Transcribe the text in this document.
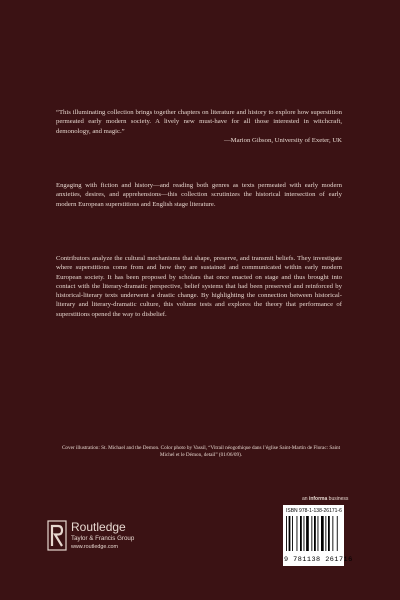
“This illuminating collection brings together chapters on literature and history to explore how superstition permeated early modern society. A lively new must-have for all those interested in witchcraft, demonology, and magic.”

—Marion Gibson, University of Exeter, UK

Engaging with fiction and history—and reading both genres as texts permeated with early modern anxieties, desires, and apprehensions—this collection scrutinizes the historical intersection of early modern European superstitions and English stage literature.

Contributors analyze the cultural mechanisms that shape, preserve, and transmit beliefs. They investigate where superstitions come from and how they are sustained and communicated within early modern European society. It has been proposed by scholars that once enacted on stage and thus brought into contact with the literary-dramatic perspective, belief systems that had been preserved and reinforced by historical-literary texts underwent a drastic change. By highlighting the connection between historical-literary and literary-dramatic culture, this volume tests and explores the theory that performance of superstitions opened the way to disbelief.

Cover illustration: St. Michael and the Demon. Color photo by Vassil, “Vitrail néogothique dans l’église Saint-Martin de Florac: Saint Michel et le Démon, detail” (01/06/09).
an informa business
ISBN 978-1-138-26171-6
9 781138 261716
Routledge
Taylor & Francis Group
www.routledge.com
